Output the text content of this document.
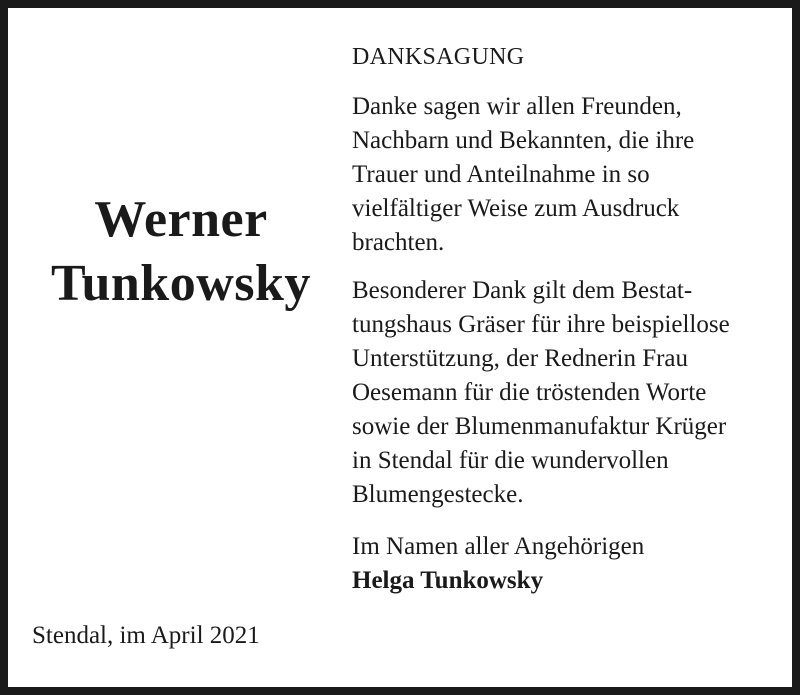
Werner
Tunkowsky
Stendal, im April 2021
DANKSAGUNG
Danke sagen wir allen Freunden,
Nachbarn und Bekannten, die ihre
Trauer und Anteilnahme in so
vielfältiger Weise zum Ausdruck
brachten.
Besonderer Dank gilt dem Bestat-
tungshaus Gräser für ihre beispiellose
Unterstützung, der Rednerin Frau
Oesemann für die tröstenden Worte
sowie der Blumenmanufaktur Krüger
in Stendal für die wundervollen
Blumengestecke.
Im Namen aller Angehörigen
Helga Tunkowsky
